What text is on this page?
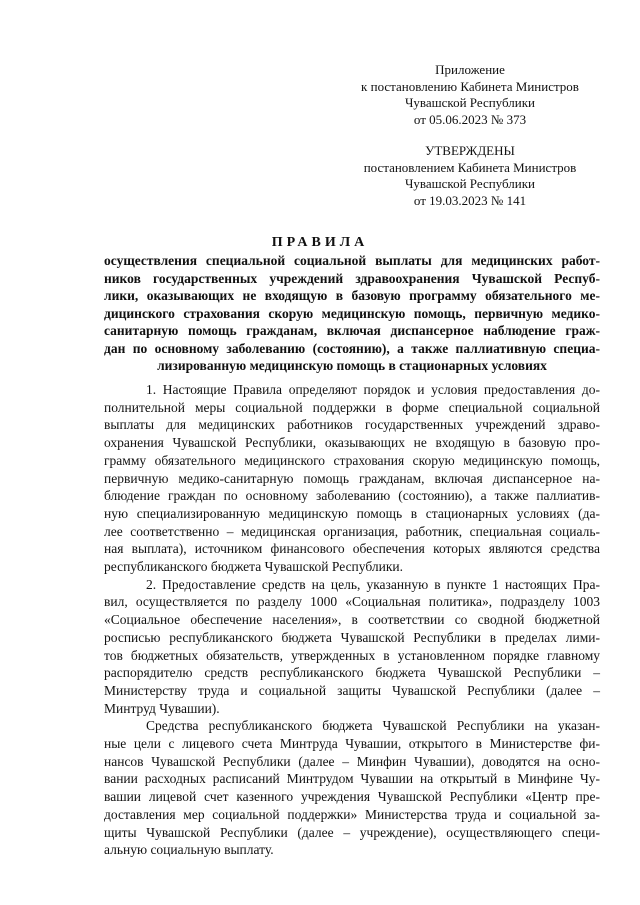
Приложение
к постановлению Кабинета Министров
Чувашской Республики
от 05.06.2023 № 373
УТВЕРЖДЕНЫ
постановлением Кабинета Министров
Чувашской Республики
от 19.03.2023 № 141
ПРАВИЛА
осуществления специальной социальной выплаты для медицинских работ-
ников государственных учреждений здравоохранения Чувашской Респуб-
лики, оказывающих не входящую в базовую программу обязательного ме-
дицинского страхования скорую медицинскую помощь, первичную медико-
санитарную помощь гражданам, включая диспансерное наблюдение граж-
дан по основному заболеванию (состоянию), а также паллиативную специа-
лизированную медицинскую помощь в стационарных условиях
1. Настоящие Правила определяют порядок и условия предоставления до-
полнительной меры социальной поддержки в форме специальной социальной
выплаты для медицинских работников государственных учреждений здраво-
охранения Чувашской Республики, оказывающих не входящую в базовую про-
грамму обязательного медицинского страхования скорую медицинскую помощь,
первичную медико-санитарную помощь гражданам, включая диспансерное на-
блюдение граждан по основному заболеванию (состоянию), а также паллиатив-
ную специализированную медицинскую помощь в стационарных условиях (да-
лее соответственно – медицинская организация, работник, специальная социаль-
ная выплата), источником финансового обеспечения которых являются средства
республиканского бюджета Чувашской Республики.
2. Предоставление средств на цель, указанную в пункте 1 настоящих Пра-
вил, осуществляется по разделу 1000 «Социальная политика», подразделу 1003
«Социальное обеспечение населения», в соответствии со сводной бюджетной
росписью республиканского бюджета Чувашской Республики в пределах лими-
тов бюджетных обязательств, утвержденных в установленном порядке главному
распорядителю средств республиканского бюджета Чувашской Республики –
Министерству труда и социальной защиты Чувашской Республики (далее –
Минтруд Чувашии).
Средства республиканского бюджета Чувашской Республики на указан-
ные цели с лицевого счета Минтруда Чувашии, открытого в Министерстве фи-
нансов Чувашской Республики (далее – Минфин Чувашии), доводятся на осно-
вании расходных расписаний Минтрудом Чувашии на открытый в Минфине Чу-
вашии лицевой счет казенного учреждения Чувашской Республики «Центр пре-
доставления мер социальной поддержки» Министерства труда и социальной за-
щиты Чувашской Республики (далее – учреждение), осуществляющего специ-
альную социальную выплату.
